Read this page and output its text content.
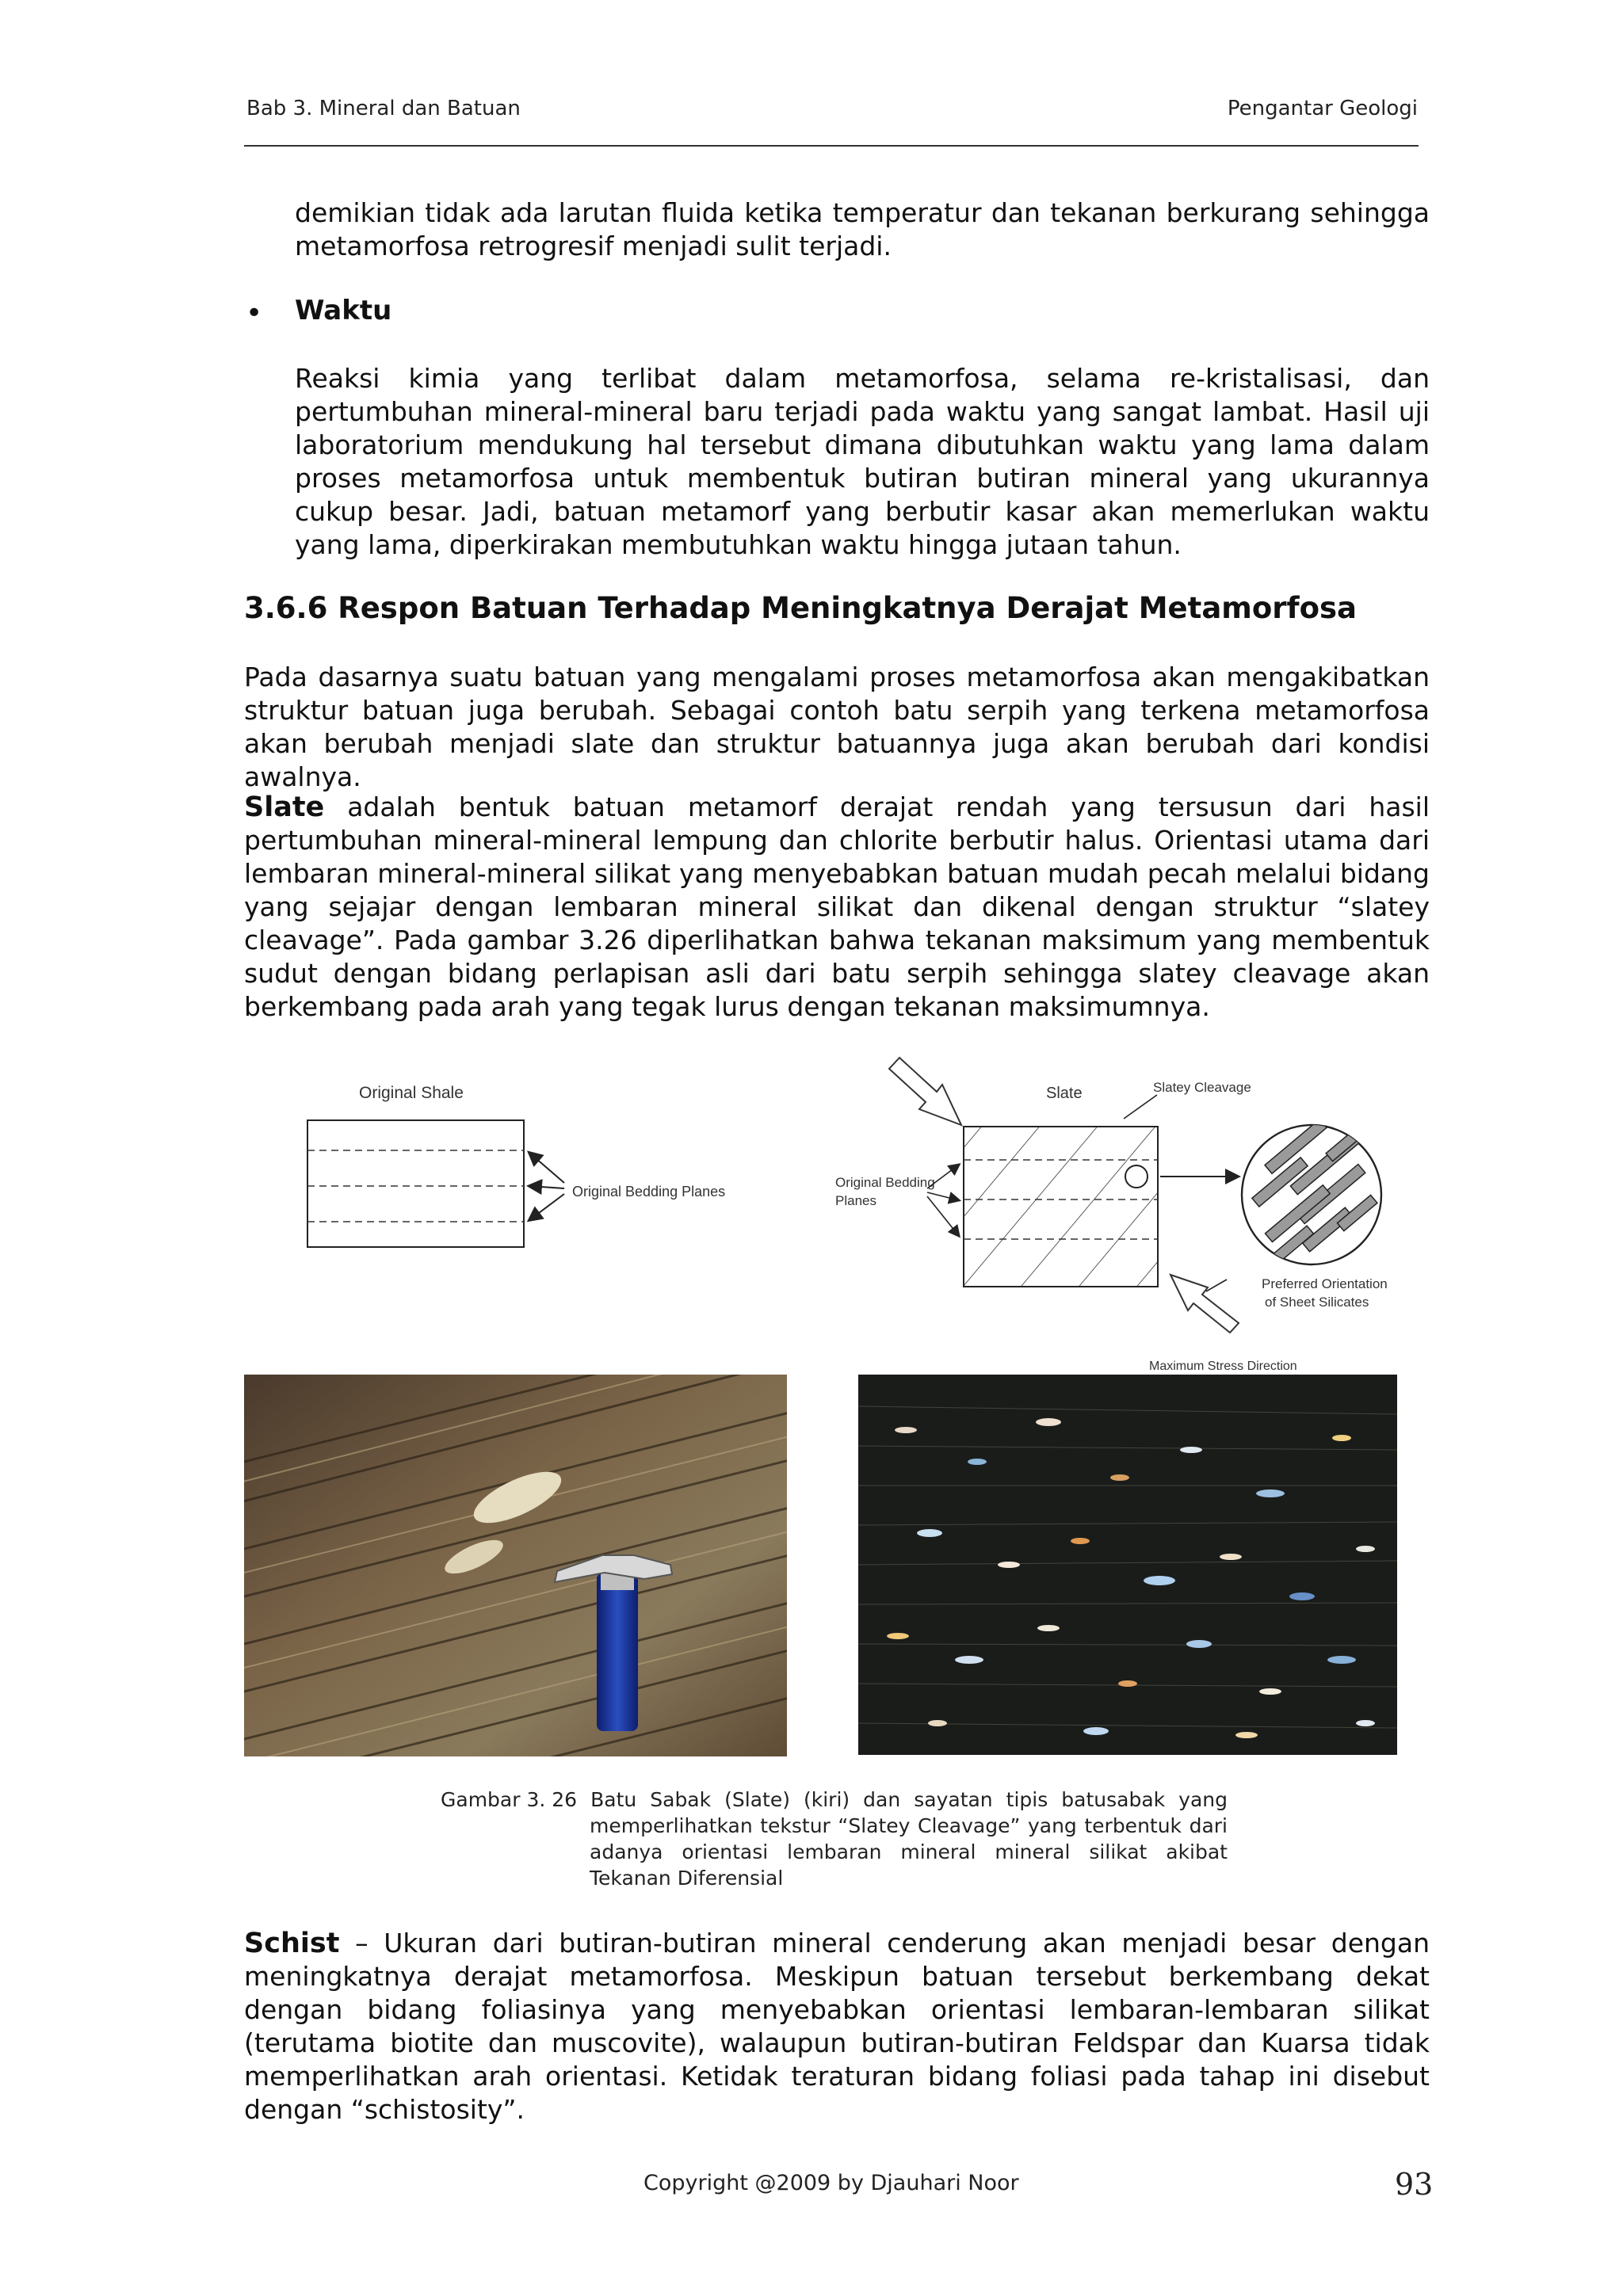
Bab 3. Mineral dan Batuan	Pengantar Geologi
demikian tidak ada larutan fluida ketika temperatur dan tekanan berkurang sehingga metamorfosa retrogresif menjadi sulit terjadi.
• Waktu
Reaksi kimia yang terlibat dalam metamorfosa, selama re-kristalisasi, dan pertumbuhan mineral-mineral baru terjadi pada waktu yang sangat lambat. Hasil uji laboratorium mendukung hal tersebut dimana dibutuhkan waktu yang lama dalam proses metamorfosa untuk membentuk butiran butiran mineral yang ukurannya cukup besar. Jadi, batuan metamorf yang berbutir kasar akan memerlukan waktu yang lama, diperkirakan membutuhkan waktu hingga jutaan tahun.
3.6.6 Respon Batuan Terhadap Meningkatnya Derajat Metamorfosa
Pada dasarnya suatu batuan yang mengalami proses metamorfosa akan mengakibatkan struktur batuan juga berubah. Sebagai contoh batu serpih yang terkena metamorfosa akan berubah menjadi slate dan struktur batuannya juga akan berubah dari kondisi awalnya.
Slate adalah bentuk batuan metamorf derajat rendah yang tersusun dari hasil pertumbuhan mineral-mineral lempung dan chlorite berbutir halus. Orientasi utama dari lembaran mineral-mineral silikat yang menyebabkan batuan mudah pecah melalui bidang yang sejajar dengan lembaran mineral silikat dan dikenal dengan struktur “slatey cleavage”. Pada gambar 3.26 diperlihatkan bahwa tekanan maksimum yang membentuk sudut dengan bidang perlapisan asli dari batu serpih sehingga slatey cleavage akan berkembang pada arah yang tegak lurus dengan tekanan maksimumnya.
Original Shale
Original Bedding Planes
Slate	Slatey Cleavage
Original Bedding
Planes
Preferred Orientation
of Sheet Silicates
Maximum Stress Direction
Gambar 3. 26 Batu Sabak (Slate) (kiri) dan sayatan tipis batusabak yang
memperlihatkan tekstur “Slatey Cleavage” yang terbentuk dari adanya orientasi lembaran mineral mineral silikat akibat Tekanan Diferensial
Schist – Ukuran dari butiran-butiran mineral cenderung akan menjadi besar dengan meningkatnya derajat metamorfosa. Meskipun batuan tersebut berkembang dekat dengan bidang foliasinya yang menyebabkan orientasi lembaran-lembaran silikat (terutama biotite dan muscovite), walaupun butiran-butiran Feldspar dan Kuarsa tidak memperlihatkan arah orientasi. Ketidak teraturan bidang foliasi pada tahap ini disebut dengan “schistosity”.
Copyright @2009 by Djauhari Noor	93
